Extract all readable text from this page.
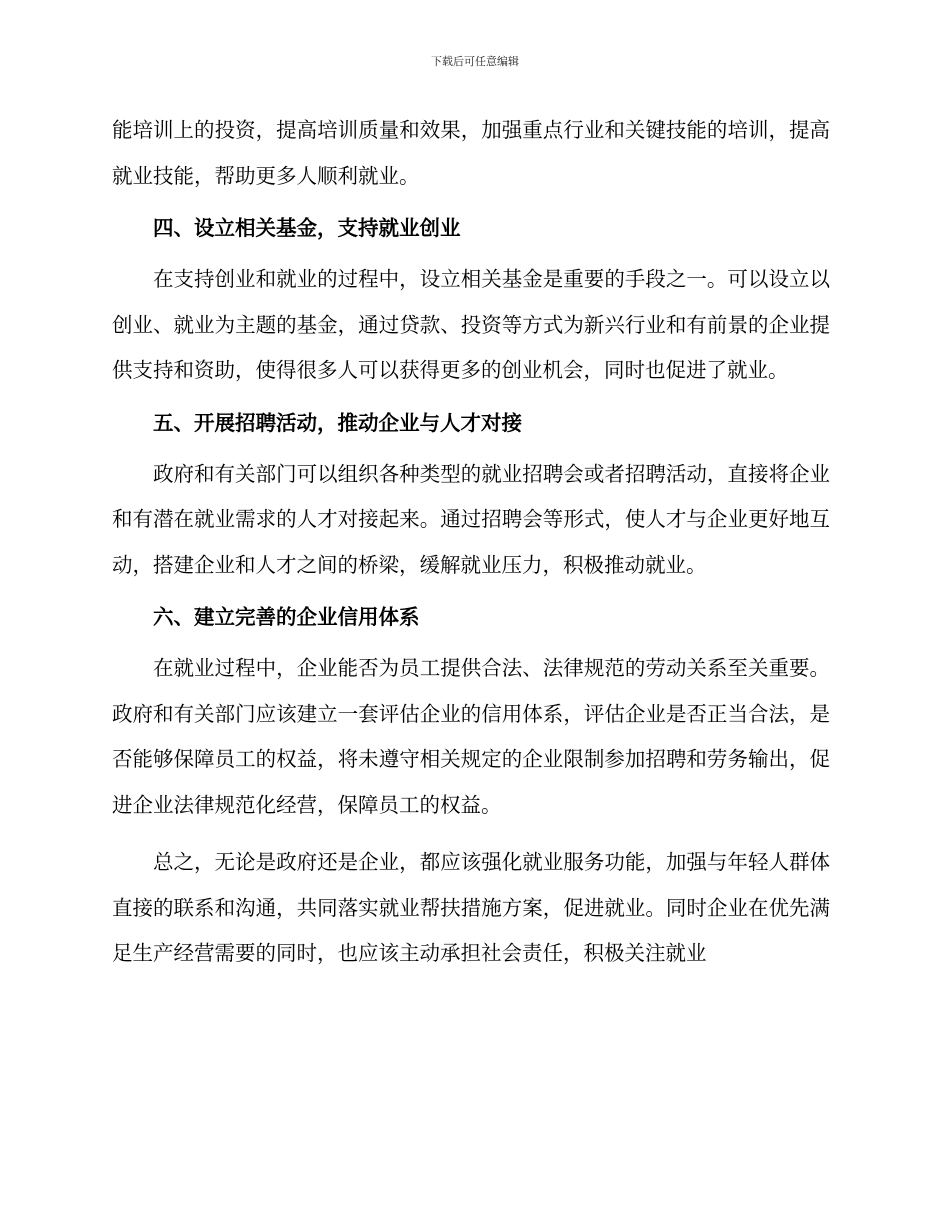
下载后可任意编辑

能培训上的投资，提高培训质量和效果，加强重点行业和关键技能的培训，提高就业技能，帮助更多人顺利就业。

四、设立相关基金，支持就业创业

在支持创业和就业的过程中，设立相关基金是重要的手段之一。可以设立以创业、就业为主题的基金，通过贷款、投资等方式为新兴行业和有前景的企业提供支持和资助，使得很多人可以获得更多的创业机会，同时也促进了就业。

五、开展招聘活动，推动企业与人才对接

政府和有关部门可以组织各种类型的就业招聘会或者招聘活动，直接将企业和有潜在就业需求的人才对接起来。通过招聘会等形式，使人才与企业更好地互动，搭建企业和人才之间的桥梁，缓解就业压力，积极推动就业。

六、建立完善的企业信用体系

在就业过程中，企业能否为员工提供合法、法律规范的劳动关系至关重要。政府和有关部门应该建立一套评估企业的信用体系，评估企业是否正当合法，是否能够保障员工的权益，将未遵守相关规定的企业限制参加招聘和劳务输出，促进企业法律规范化经营，保障员工的权益。

总之，无论是政府还是企业，都应该强化就业服务功能，加强与年轻人群体直接的联系和沟通，共同落实就业帮扶措施方案，促进就业。同时企业在优先满足生产经营需要的同时，也应该主动承担社会责任，积极关注就业
